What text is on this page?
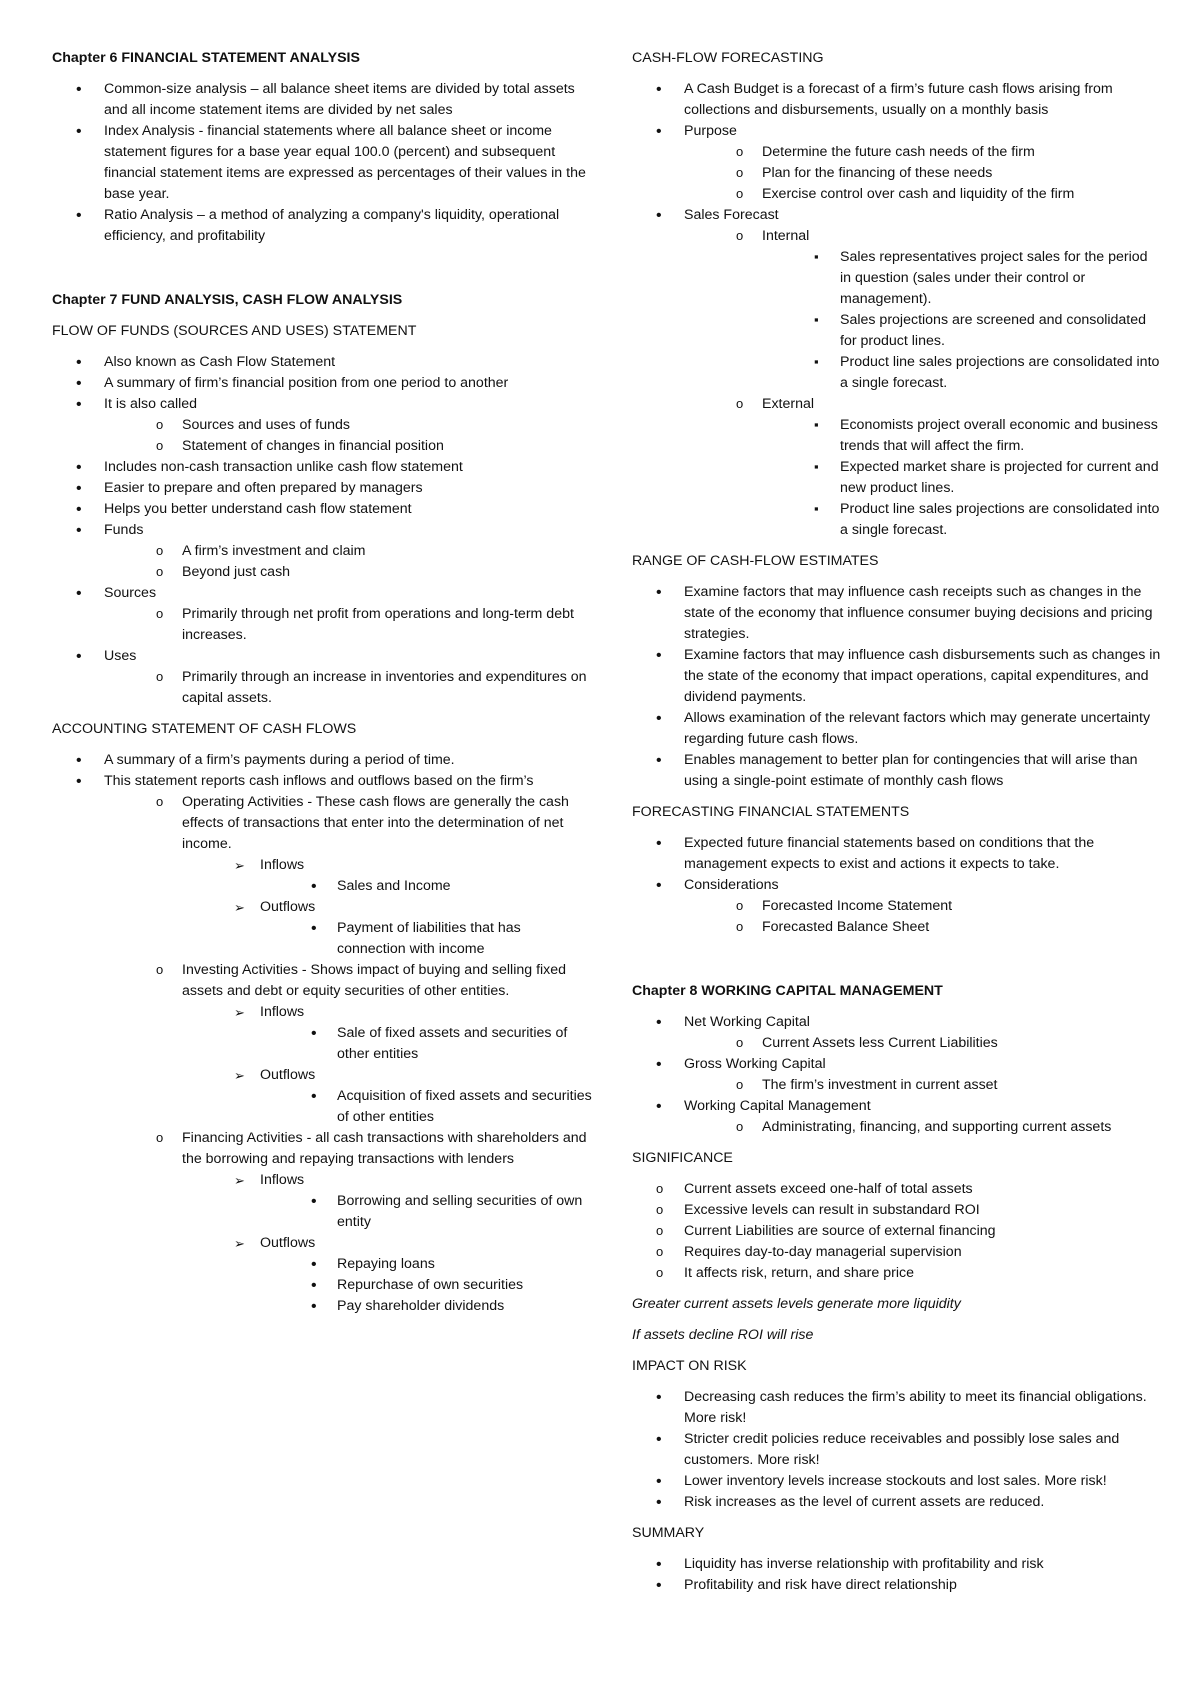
Chapter 6 FINANCIAL STATEMENT ANALYSIS
• Common-size analysis – all balance sheet items are divided by total assets and all income statement items are divided by net sales
• Index Analysis - financial statements where all balance sheet or income statement figures for a base year equal 100.0 (percent) and subsequent financial statement items are expressed as percentages of their values in the base year.
• Ratio Analysis – a method of analyzing a company's liquidity, operational efficiency, and profitability
Chapter 7 FUND ANALYSIS, CASH FLOW ANALYSIS
FLOW OF FUNDS (SOURCES AND USES) STATEMENT
• Also known as Cash Flow Statement
• A summary of firm’s financial position from one period to another
• It is also called
o Sources and uses of funds
o Statement of changes in financial position
• Includes non-cash transaction unlike cash flow statement
• Easier to prepare and often prepared by managers
• Helps you better understand cash flow statement
• Funds
o A firm’s investment and claim
o Beyond just cash
• Sources
o Primarily through net profit from operations and long-term debt increases.
• Uses
o Primarily through an increase in inventories and expenditures on capital assets.
ACCOUNTING STATEMENT OF CASH FLOWS
• A summary of a firm’s payments during a period of time.
• This statement reports cash inflows and outflows based on the firm’s
o Operating Activities - These cash flows are generally the cash effects of transactions that enter into the determination of net income.
➢ Inflows
• Sales and Income
➢ Outflows
• Payment of liabilities that has connection with income
o Investing Activities - Shows impact of buying and selling fixed assets and debt or equity securities of other entities.
➢ Inflows
• Sale of fixed assets and securities of other entities
➢ Outflows
• Acquisition of fixed assets and securities of other entities
o Financing Activities - all cash transactions with shareholders and the borrowing and repaying transactions with lenders
➢ Inflows
• Borrowing and selling securities of own entity
➢ Outflows
• Repaying loans
• Repurchase of own securities
• Pay shareholder dividends
CASH-FLOW FORECASTING
• A Cash Budget is a forecast of a firm’s future cash flows arising from collections and disbursements, usually on a monthly basis
• Purpose
o Determine the future cash needs of the firm
o Plan for the financing of these needs
o Exercise control over cash and liquidity of the firm
• Sales Forecast
o Internal
▪ Sales representatives project sales for the period in question (sales under their control or management).
▪ Sales projections are screened and consolidated for product lines.
▪ Product line sales projections are consolidated into a single forecast.
o External
▪ Economists project overall economic and business trends that will affect the firm.
▪ Expected market share is projected for current and new product lines.
▪ Product line sales projections are consolidated into a single forecast.
RANGE OF CASH-FLOW ESTIMATES
• Examine factors that may influence cash receipts such as changes in the state of the economy that influence consumer buying decisions and pricing strategies.
• Examine factors that may influence cash disbursements such as changes in the state of the economy that impact operations, capital expenditures, and dividend payments.
• Allows examination of the relevant factors which may generate uncertainty regarding future cash flows.
• Enables management to better plan for contingencies that will arise than using a single-point estimate of monthly cash flows
FORECASTING FINANCIAL STATEMENTS
• Expected future financial statements based on conditions that the management expects to exist and actions it expects to take.
• Considerations
o Forecasted Income Statement
o Forecasted Balance Sheet
Chapter 8 WORKING CAPITAL MANAGEMENT
• Net Working Capital
o Current Assets less Current Liabilities
• Gross Working Capital
o The firm’s investment in current asset
• Working Capital Management
o Administrating, financing, and supporting current assets
SIGNIFICANCE
o Current assets exceed one-half of total assets
o Excessive levels can result in substandard ROI
o Current Liabilities are source of external financing
o Requires day-to-day managerial supervision
o It affects risk, return, and share price
Greater current assets levels generate more liquidity
If assets decline ROI will rise
IMPACT ON RISK
• Decreasing cash reduces the firm’s ability to meet its financial obligations. More risk!
• Stricter credit policies reduce receivables and possibly lose sales and customers. More risk!
• Lower inventory levels increase stockouts and lost sales. More risk!
• Risk increases as the level of current assets are reduced.
SUMMARY
• Liquidity has inverse relationship with profitability and risk
• Profitability and risk have direct relationship
